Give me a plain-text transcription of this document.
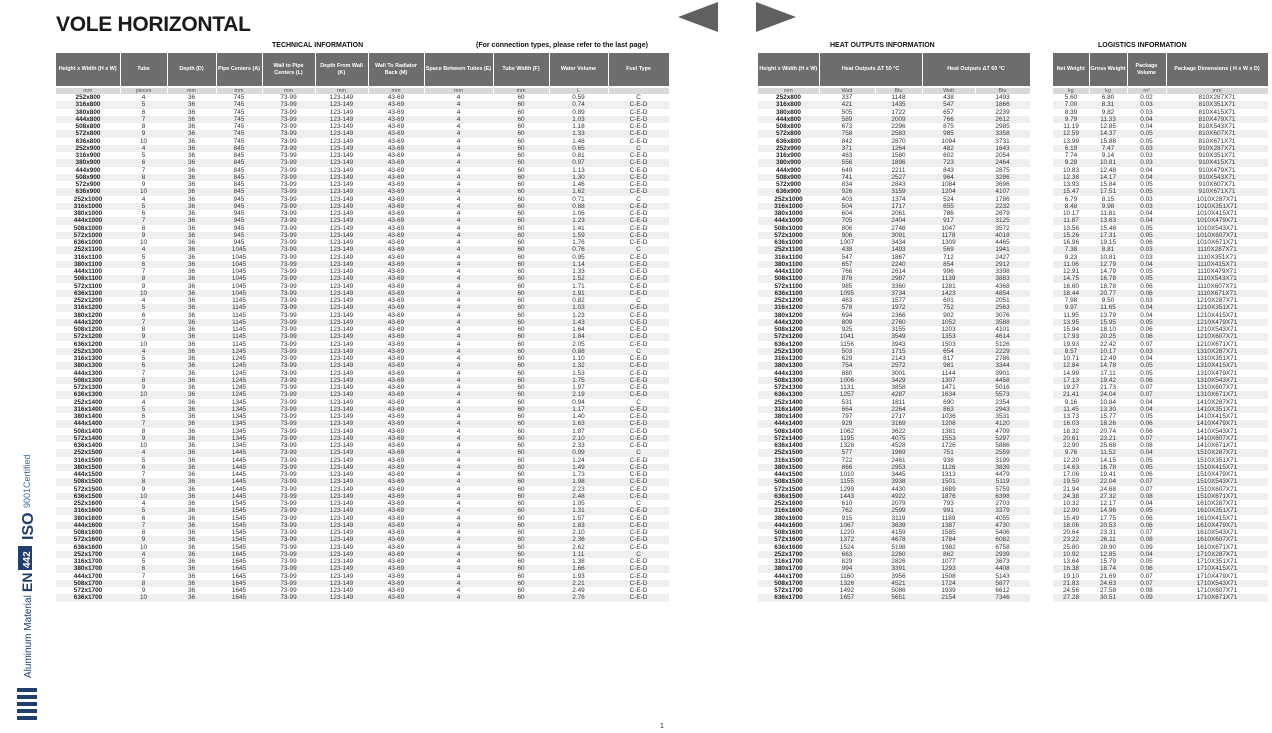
VOLE HORIZONTAL
TECHNICAL INFORMATION	(For connection types, please refer to the last page)	HEAT OUTPUTS INFORMATION	LOGISTICS INFORMATION
Height x Width (H x W)	Tube	Depth (D)	Pipe Centers (A)	Wall to Pipe Centers (L)	Depth From Wall (K)	Wall To Radiator Back (M)	Space Between Tubes (E)	Tube Width (F)	Water Volume	Fuel Type

mm	pieces	mm	mm	mm	mm	mm	mm	mm	L	
252x800	4	36	745	73-99	123-149	43-69	4	60	0.59	C
316x800	5	36	745	73-99	123-149	43-69	4	60	0.74	C-E-D
380x800	6	36	745	73-99	123-149	43-69	4	60	0.89	C-E-D
444x800	7	36	745	73-99	123-149	43-69	4	60	1.03	C-E-D
508x800	8	36	745	73-99	123-149	43-69	4	60	1.18	C-E-D
572x800	9	36	745	73-99	123-149	43-69	4	60	1.33	C-E-D
636x800	10	36	745	73-99	123-149	43-69	4	60	1.48	C-E-D
252x900	4	36	845	73-99	123-149	43-69	4	60	0.65	C
316x900	5	36	845	73-99	123-149	43-69	4	60	0.81	C-E-D
380x900	6	36	845	73-99	123-149	43-69	4	60	0.97	C-E-D
444x900	7	36	845	73-99	123-149	43-69	4	60	1.13	C-E-D
508x900	8	36	845	73-99	123-149	43-69	4	60	1.30	C-E-D
572x900	9	36	845	73-99	123-149	43-69	4	60	1.46	C-E-D
636x900	10	36	845	73-99	123-149	43-69	4	60	1.62	C-E-D
252x1000	4	36	945	73-99	123-149	43-69	4	60	0.71	C
316x1000	5	36	945	73-99	123-149	43-69	4	60	0.88	C-E-D
380x1000	6	36	945	73-99	123-149	43-69	4	60	1.06	C-E-D
444x1000	7	36	945	73-99	123-149	43-69	4	60	1.23	C-E-D
508x1000	8	36	945	73-99	123-149	43-69	4	60	1.41	C-E-D
572x1000	9	36	945	73-99	123-149	43-69	4	60	1.59	C-E-D
636x1000	10	36	945	73-99	123-149	43-69	4	60	1.76	C-E-D
252x1100	4	36	1045	73-99	123-149	43-69	4	60	0.76	C
316x1100	5	36	1045	73-99	123-149	43-69	4	60	0.95	C-E-D
380x1100	6	36	1045	73-99	123-149	43-69	4	60	1.14	C-E-D
444x1100	7	36	1045	73-99	123-149	43-69	4	60	1.33	C-E-D
508x1100	8	36	1045	73-99	123-149	43-69	4	60	1.52	C-E-D
572x1100	9	36	1045	73-99	123-149	43-69	4	60	1.71	C-E-D
636x1100	10	36	1045	73-99	123-149	43-69	4	60	1.91	C-E-D
252x1200	4	36	1145	73-99	123-149	43-69	4	60	0.82	C
316x1200	5	36	1145	73-99	123-149	43-69	4	60	1.03	C-E-D
380x1200	6	36	1145	73-99	123-149	43-69	4	60	1.23	C-E-D
444x1200	7	36	1145	73-99	123-149	43-69	4	60	1.43	C-E-D
508x1200	8	36	1145	73-99	123-149	43-69	4	60	1.64	C-E-D
572x1200	9	36	1145	73-99	123-149	43-69	4	60	1.84	C-E-D
636x1200	10	36	1145	73-99	123-149	43-69	4	60	2.05	C-E-D
252x1300	4	36	1245	73-99	123-149	43-69	4	60	0.88	C
316x1300	5	36	1245	73-99	123-149	43-69	4	60	1.10	C-E-D
380x1300	6	36	1245	73-99	123-149	43-69	4	60	1.32	C-E-D
444x1300	7	36	1245	73-99	123-149	43-69	4	60	1.53	C-E-D
508x1300	8	36	1245	73-99	123-149	43-69	4	60	1.75	C-E-D
572x1300	9	36	1245	73-99	123-149	43-69	4	60	1.97	C-E-D
636x1300	10	36	1245	73-99	123-149	43-69	4	60	2.19	C-E-D
252x1400	4	36	1345	73-99	123-149	43-69	4	60	0.94	C
316x1400	5	36	1345	73-99	123-149	43-69	4	60	1.17	C-E-D
380x1400	6	36	1345	73-99	123-149	43-69	4	60	1.40	C-E-D
444x1400	7	36	1345	73-99	123-149	43-69	4	60	1.63	C-E-D
508x1400	8	36	1345	73-99	123-149	43-69	4	60	1.87	C-E-D
572x1400	9	36	1345	73-99	123-149	43-69	4	60	2.10	C-E-D
636x1400	10	36	1345	73-99	123-149	43-69	4	60	2.33	C-E-D
252x1500	4	36	1445	73-99	123-149	43-69	4	60	0.99	C
316x1500	5	36	1445	73-99	123-149	43-69	4	60	1.24	C-E-D
380x1500	6	36	1445	73-99	123-149	43-69	4	60	1.49	C-E-D
444x1500	7	36	1445	73-99	123-149	43-69	4	60	1.73	C-E-D
508x1500	8	36	1445	73-99	123-149	43-69	4	60	1.98	C-E-D
572x1500	9	36	1445	73-99	123-149	43-69	4	60	2.23	C-E-D
636x1500	10	36	1445	73-99	123-149	43-69	4	60	2.48	C-E-D
252x1600	4	36	1545	73-99	123-149	43-69	4	60	1.05	C
316x1600	5	36	1545	73-99	123-149	43-69	4	60	1.31	C-E-D
380x1600	6	36	1545	73-99	123-149	43-69	4	60	1.57	C-E-D
444x1600	7	36	1545	73-99	123-149	43-69	4	60	1.83	C-E-D
508x1600	8	36	1545	73-99	123-149	43-69	4	60	2.10	C-E-D
572x1600	9	36	1545	73-99	123-149	43-69	4	60	2.36	C-E-D
636x1600	10	36	1545	73-99	123-149	43-69	4	60	2.62	C-E-D
252x1700	4	36	1645	73-99	123-149	43-69	4	60	1.11	C
316x1700	5	36	1645	73-99	123-149	43-69	4	60	1.38	C-E-D
380x1700	6	36	1645	73-99	123-149	43-69	4	60	1.66	C-E-D
444x1700	7	36	1645	73-99	123-149	43-69	4	60	1.93	C-E-D
508x1700	8	36	1645	73-99	123-149	43-69	4	60	2.21	C-E-D
572x1700	9	36	1645	73-99	123-149	43-69	4	60	2.49	C-E-D
636x1700	10	36	1645	73-99	123-149	43-69	4	60	2.76	C-E-D
Height x Width (H x W)	Heat Outputs ΔT 50 °C		Heat Outputs ΔT 60 °C	

mm	Watt	Btu	Watt	Btu
252x800	337	1148	438	1493
316x800	421	1435	547	1866
380x800	505	1722	657	2239
444x800	589	2009	766	2612
508x800	673	2296	875	2985
572x800	758	2583	985	3358
636x800	842	2870	1094	3731
252x900	371	1264	482	1643
316x900	463	1580	602	2054
380x900	556	1896	723	2464
444x900	649	2211	843	2875
508x900	741	2527	964	3286
572x900	834	2843	1084	3696
636x900	926	3159	1204	4107
252x1000	403	1374	524	1786
316x1000	504	1717	655	2232
380x1000	604	2061	786	2679
444x1000	705	2404	917	3125
508x1000	806	2748	1047	3572
572x1000	906	3091	1178	4018
636x1000	1007	3434	1309	4465
252x1100	438	1493	569	1941
316x1100	547	1867	712	2427
380x1100	657	2240	854	2912
444x1100	766	2614	996	3398
508x1100	876	2987	1139	3883
572x1100	985	3360	1281	4368
636x1100	1095	3734	1423	4854
252x1200	463	1577	601	2051
316x1200	578	1972	752	2563
380x1200	694	2366	902	3076
444x1200	809	2760	1052	3588
508x1200	925	3155	1203	4101
572x1200	1041	3549	1353	4614
636x1200	1156	3943	1503	5126
252x1300	503	1715	654	2229
316x1300	629	2143	817	2786
380x1300	754	2572	981	3344
444x1300	880	3001	1144	3901
508x1300	1006	3429	1307	4458
572x1300	1131	3858	1471	5016
636x1300	1257	4287	1634	5573
252x1400	531	1811	690	2354
316x1400	664	2264	863	2943
380x1400	797	2717	1036	3531
444x1400	929	3169	1208	4120
508x1400	1062	3622	1381	4709
572x1400	1195	4075	1553	5297
636x1400	1328	4528	1726	5886
252x1500	577	1969	751	2559
316x1500	722	2461	938	3199
380x1500	866	2953	1126	3839
444x1500	1010	3445	1313	4479
508x1500	1155	3938	1501	5119
572x1500	1299	4430	1689	5759
636x1500	1443	4922	1876	6398
252x1600	610	2079	793	2703
316x1600	762	2599	991	3379
380x1600	915	3119	1189	4055
444x1600	1067	3639	1387	4730
508x1600	1220	4159	1585	5406
572x1600	1372	4678	1784	6082
636x1600	1524	5198	1982	6758
252x1700	663	2260	862	2939
316x1700	829	2826	1077	3673
380x1700	994	3391	1293	4408
444x1700	1160	3956	1508	5143
508x1700	1326	4521	1724	5877
572x1700	1492	5086	1939	6612
636x1700	1657	5651	2154	7346
Net Weight	Gross Weight	Package Volume	Package Dimensions ( H x W x D)

kg	kg	m³	mm
5.60	6.80	0.02	810X287X71
7.00	8.31	0.03	810X351X71
8.39	9.82	0.03	810X415X71
9.79	11.33	0.04	810X479X71
11.19	12.85	0.04	810X543X71
12.59	14.37	0.05	810X607X71
13.99	15.88	0.05	810X671X71
6.19	7.47	0.03	910X287X71
7.74	9.14	0.03	910X351X71
9.28	10.81	0.03	910X415X71
10.83	12.48	0.04	910X479X71
12.38	14.17	0.04	910X543X71
13.93	15.84	0.05	910X607X71
15.47	17.51	0.05	910X671X71
6.79	8.15	0.03	1010X287X71
8.48	9.98	0.03	1010X351X71
10.17	11.81	0.04	1010X415X71
11.87	13.63	0.04	1010X479X71
13.56	15.48	0.05	1010X543X71
15.26	17.31	0.05	1010X607X71
16.96	19.15	0.06	1010X671X71
7.38	8.81	0.03	1110X287X71
9.23	10.81	0.03	1110X351X71
11.06	12.79	0.04	1110X415X71
12.91	14.79	0.05	1110X479X71
14.75	16.78	0.05	1110X543X71
16.60	18.78	0.06	1110X607X71
18.44	20.77	0.06	1110X671X71
7.98	9.50	0.03	1210X287X71
9.97	11.65	0.04	1210X351X71
11.95	13.79	0.04	1210X415X71
13.95	15.95	0.05	1210X479X71
15.94	18.10	0.06	1210X543X71
17.93	20.25	0.06	1210X607X71
19.93	22.42	0.07	1210X671X71
8.57	10.17	0.03	1310X287X71
10.71	12.49	0.04	1310X351X71
12.84	14.78	0.05	1310X415X71
14.99	17.11	0.05	1310X479X71
17.13	19.42	0.06	1310X543X71
19.27	21.73	0.07	1310X607X71
21.41	24.04	0.07	1310X671X71
9.16	10.84	0.04	1410X287X71
11.45	13.30	0.04	1410X351X71
13.73	15.77	0.05	1410X415X71
16.03	18.26	0.06	1410X479X71
18.32	20.74	0.06	1410X543X71
20.61	23.21	0.07	1410X607X71
22.90	25.68	0.08	1410X671X71
9.76	11.52	0.04	1510X287X71
12.20	14.15	0.05	1510X351X71
14.63	16.78	0.05	1510X415X71
17.06	19.41	0.06	1510X479X71
19.50	22.04	0.07	1510X543X71
21.94	24.68	0.07	1510X607X71
24.38	27.32	0.08	1510X671X71
10.32	12.17	0.04	1610X287X71
12.90	14.96	0.05	1610X351X71
15.49	17.75	0.06	1610X415X71
18.06	20.53	0.06	1610X479X71
20.64	23.31	0.07	1610X543X71
23.22	26.11	0.08	1610X607X71
25.80	28.90	0.09	1610X671X71
10.92	12.85	0.04	1710X287X71
13.64	15.79	0.05	1710X351X71
16.38	18.74	0.06	1710X415X71
19.10	21.69	0.07	1710X479X71
21.83	24.63	0.07	1710X543X71
24.56	27.58	0.08	1710X607X71
27.28	30.51	0.09	1710X671X71
Aluminum Material
EN
442
ISO
9001Certified
1
